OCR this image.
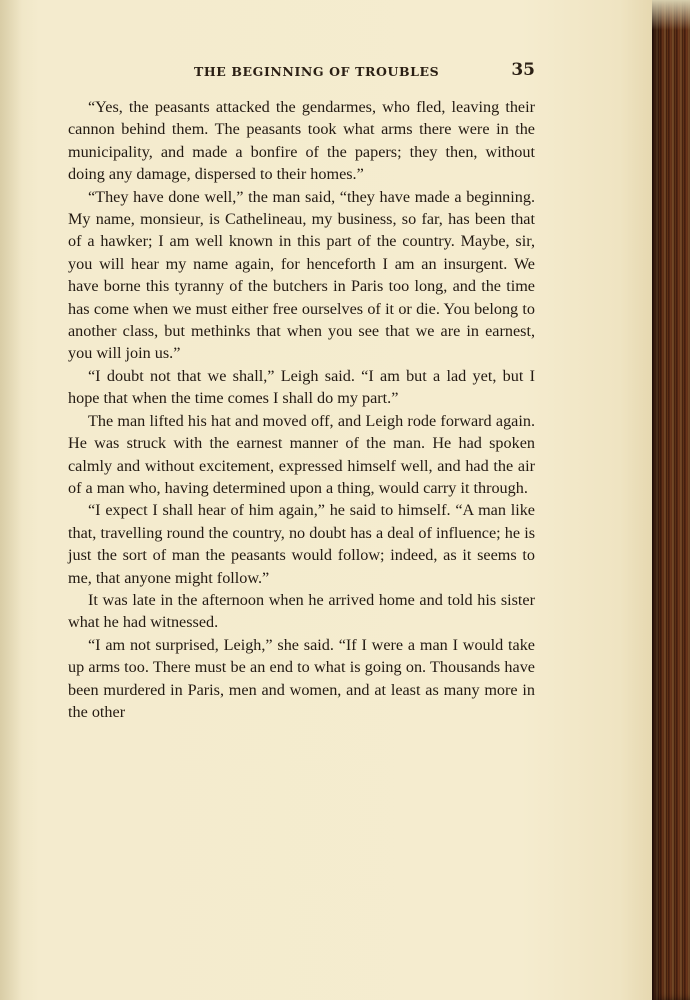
THE BEGINNING OF TROUBLES	35

“Yes, the peasants attacked the gendarmes, who fled, leaving their cannon behind them. The peasants took what arms there were in the municipality, and made a bonfire of the papers; they then, without doing any damage, dispersed to their homes.”

“They have done well,” the man said, “they have made a beginning. My name, monsieur, is Cathelineau, my business, so far, has been that of a hawker; I am well known in this part of the country. Maybe, sir, you will hear my name again, for henceforth I am an insurgent. We have borne this tyranny of the butchers in Paris too long, and the time has come when we must either free ourselves of it or die. You belong to another class, but methinks that when you see that we are in earnest, you will join us.”

“I doubt not that we shall,” Leigh said. “I am but a lad yet, but I hope that when the time comes I shall do my part.”

The man lifted his hat and moved off, and Leigh rode forward again. He was struck with the earnest manner of the man. He had spoken calmly and without excitement, expressed himself well, and had the air of a man who, having determined upon a thing, would carry it through.

“I expect I shall hear of him again,” he said to himself. “A man like that, travelling round the country, no doubt has a deal of influence; he is just the sort of man the peasants would follow; indeed, as it seems to me, that anyone might follow.”

It was late in the afternoon when he arrived home and told his sister what he had witnessed.

“I am not surprised, Leigh,” she said. “If I were a man I would take up arms too. There must be an end to what is going on. Thousands have been murdered in Paris, men and women, and at least as many more in the other
